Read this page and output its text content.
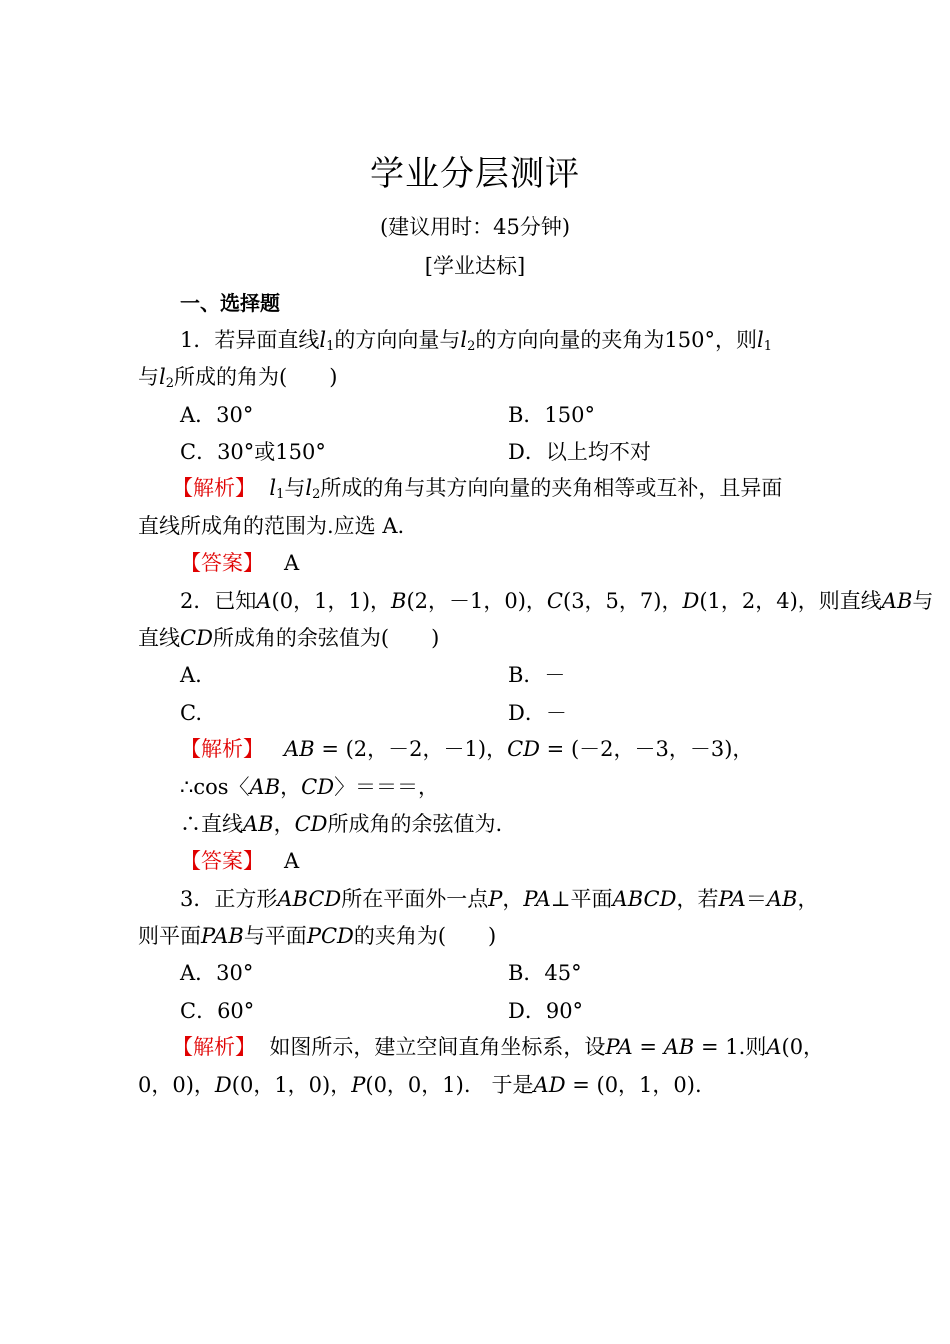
学业分层测评
(建议用时：45分钟)
[学业达标]
一、选择题
1．若异面直线$l_1$的方向向量与$l_2$的方向向量的夹角为150°，则$l_1$
与$l_2$所成的角为(　　)
A．30°	B．150°
C．30°或150°	D．以上均不对
【解析】 $l_1$与$l_2$所成的角与其方向向量的夹角相等或互补，且异面
直线所成角的范围为.应选 A.
【答案】 A
2．已知A(0，1，1)，B(2，－1，0)，C(3，5，7)，D(1，2，4)，则直线AB与
直线CD所成角的余弦值为(　　)
A.	B．－
C.	D．－
【解析】 AB = (2，－2，－1)，CD = (－2，－3，－3)，
∴cos〈AB，CD〉＝＝＝，
∴直线AB，CD所成角的余弦值为.
【答案】 A
3．正方形ABCD所在平面外一点P，PA⊥平面ABCD，若PA＝AB，
则平面PAB与平面PCD的夹角为(　　)
A．30°	B．45°
C．60°	D．90°
【解析】 如图所示，建立空间直角坐标系，设PA = AB = 1.则A(0，
0，0)，D(0，1，0)，P(0，0，1).　于是AD = (0，1，0).
